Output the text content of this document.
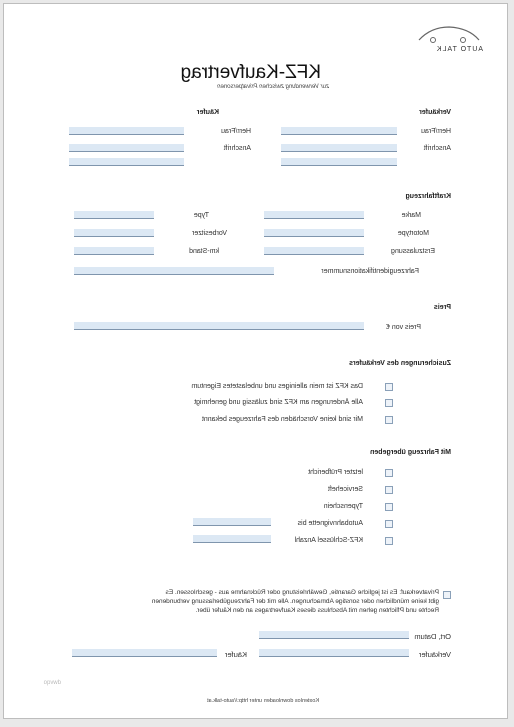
AUTO TALK
KFZ-Kaufvertrag
zur Verwendung zwischen Privatpersonen
Verkäufer
Käufer
Herr/Frau
Herr/Frau
Anschrift
Anschrift
Kraftfahrzeug
Marke
Type
Motortype
Vorbesitzer
Erstzulassung
km-Stand
Fahrzeugidentifikationsnummer
Preis
Preis von €
Zusicherungen des Verkäufers
Das KFZ ist mein alleiniges und unbelastetes Eigentum
Alle Änderungen am KFZ sind zulässig und genehmigt
Mir sind keine Vorschäden des Fahrzeuges bekannt
Mit Fahrzeug übergeben
letzter Prüfbericht
Serviceheft
Typenschein
Autobahnvignette bis
KFZ-Schlüssel Anzahl
Privatverkauf: Es ist jegliche Garantie, Gewährleistung oder Rücknahme aus - geschlossen. Es
gibt keine mündlichen oder sonstige Abmachungen. Alle mit der Fahrzeugüberlassung verbundenen
Rechte und Pflichten gehen mit Abschluss dieses Kaufvertrages an den Käufer über.
Ort, Datum
Verkäufer
Käufer
dwvqo
Kostenlos downloaden unter http://auto-talk.at
